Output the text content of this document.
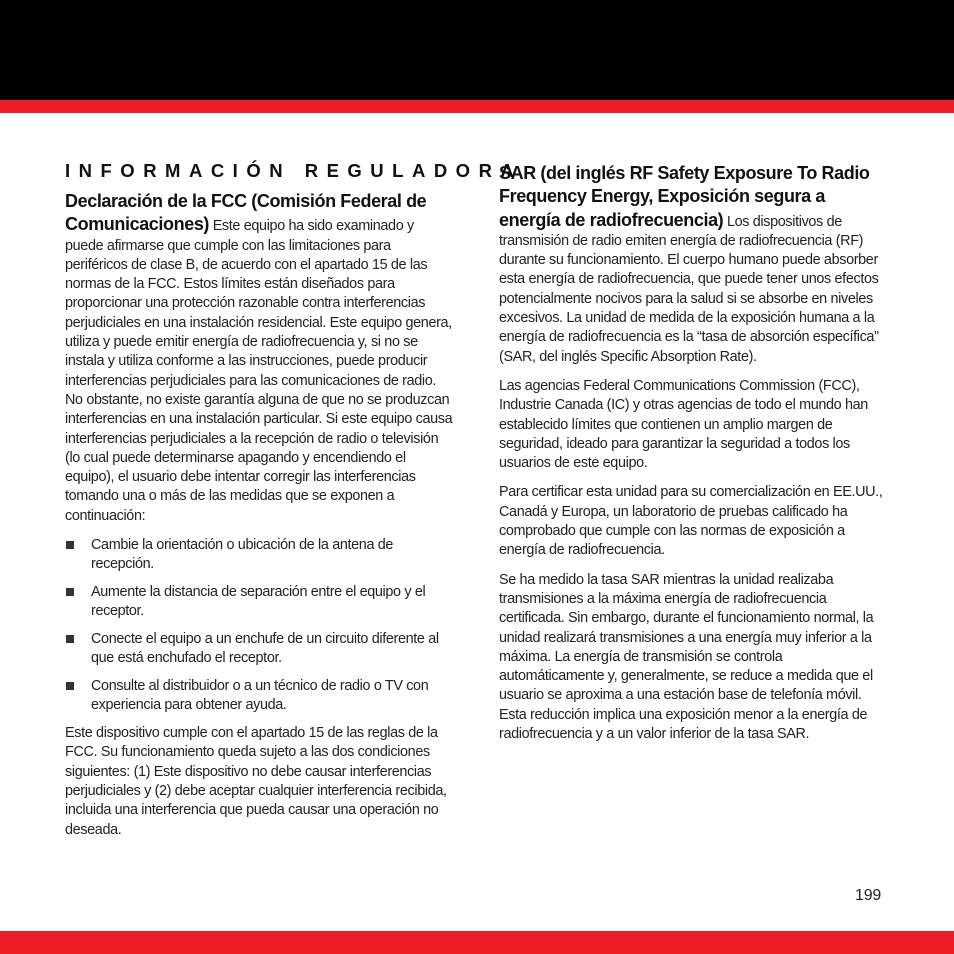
INFORMACIÓN REGULADORA

Declaración de la FCC (Comisión Federal de Comunicaciones) Este equipo ha sido examinado y puede afirmarse que cumple con las limitaciones para periféricos de clase B, de acuerdo con el apartado 15 de las normas de la FCC. Estos límites están diseñados para proporcionar una protección razonable contra interferencias perjudiciales en una instalación residencial. Este equipo genera, utiliza y puede emitir energía de radiofrecuencia y, si no se instala y utiliza conforme a las instrucciones, puede producir interferencias perjudiciales para las comunicaciones de radio. No obstante, no existe garantía alguna de que no se produzcan interferencias en una instalación particular. Si este equipo causa interferencias perjudiciales a la recepción de radio o televisión (lo cual puede determinarse apagando y encendiendo el equipo), el usuario debe intentar corregir las interferencias tomando una o más de las medidas que se exponen a continuación:

Cambie la orientación o ubicación de la antena de recepción.
Aumente la distancia de separación entre el equipo y el receptor.
Conecte el equipo a un enchufe de un circuito diferente al que está enchufado el receptor.
Consulte al distribuidor o a un técnico de radio o TV con experiencia para obtener ayuda.

Este dispositivo cumple con el apartado 15 de las reglas de la FCC. Su funcionamiento queda sujeto a las dos condiciones siguientes: (1) Este dispositivo no debe causar interferencias perjudiciales y (2) debe aceptar cualquier interferencia recibida, incluida una interferencia que pueda causar una operación no deseada.

SAR (del inglés RF Safety Exposure To Radio Frequency Energy, Exposición segura a energía de radiofrecuencia) Los dispositivos de transmisión de radio emiten energía de radiofrecuencia (RF) durante su funcionamiento. El cuerpo humano puede absorber esta energía de radiofrecuencia, que puede tener unos efectos potencialmente nocivos para la salud si se absorbe en niveles excesivos. La unidad de medida de la exposición humana a la energía de radiofrecuencia es la “tasa de absorción específica” (SAR, del inglés Specific Absorption Rate).

Las agencias Federal Communications Commission (FCC), Industrie Canada (IC) y otras agencias de todo el mundo han establecido límites que contienen un amplio margen de seguridad, ideado para garantizar la seguridad a todos los usuarios de este equipo.

Para certificar esta unidad para su comercialización en EE.UU., Canadá y Europa, un laboratorio de pruebas calificado ha comprobado que cumple con las normas de exposición a energía de radiofrecuencia.

Se ha medido la tasa SAR mientras la unidad realizaba transmisiones a la máxima energía de radiofrecuencia certificada. Sin embargo, durante el funcionamiento normal, la unidad realizará transmisiones a una energía muy inferior a la máxima. La energía de transmisión se controla automáticamente y, generalmente, se reduce a medida que el usuario se aproxima a una estación base de telefonía móvil. Esta reducción implica una exposición menor a la energía de radiofrecuencia y a un valor inferior de la tasa SAR.

199
